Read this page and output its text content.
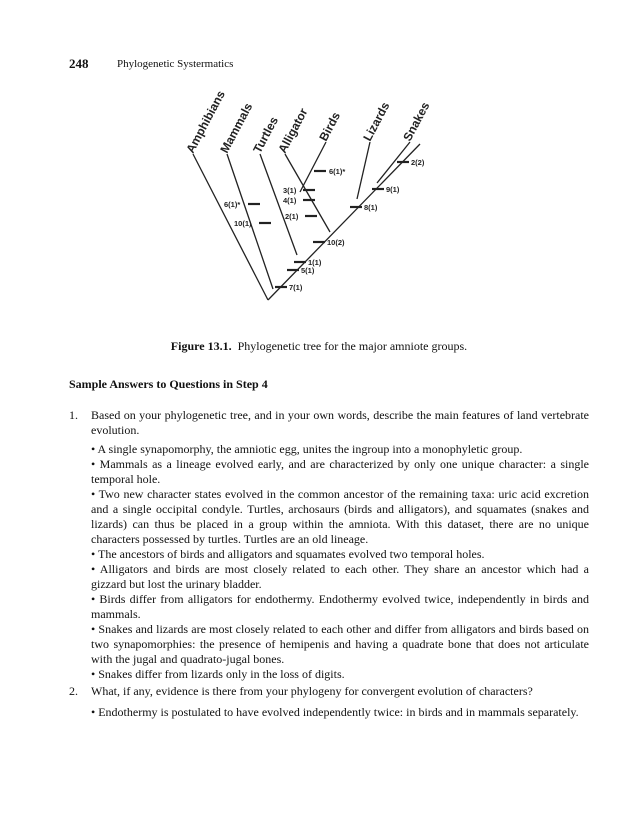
248	Phylogenetic Systermatics
Amphibians
Mammals
Turtles
Alligator Birds Lizards Snakes
6(1)*
10(1)
3(1)
4(1)
2(1)
6(1)*
9(1)
8(1)
2(2)
10(2)
1(1)
5(1)
7(1)
Figure 13.1. Phylogenetic tree for the major amniote groups.
Sample Answers to Questions in Step 4
1. Based on your phylogenetic tree, and in your own words, describe the main features of land vertebrate evolution.

• A single synapomorphy, the amniotic egg, unites the ingroup into a monophyletic group.

• Mammals as a lineage evolved early, and are characterized by only one unique character: a single temporal hole.

• Two new character states evolved in the common ancestor of the remaining taxa: uric acid excretion and a single occipital condyle. Turtles, archosaurs (birds and alligators), and squamates (snakes and lizards) can thus be placed in a group within the amniota. With this dataset, there are no unique characters possessed by turtles. Turtles are an old lineage.

• The ancestors of birds and alligators and squamates evolved two temporal holes.

• Alligators and birds are most closely related to each other. They share an ancestor which had a gizzard but lost the urinary bladder.

• Birds differ from alligators for endothermy. Endothermy evolved twice, independently in birds and mammals.

• Snakes and lizards are most closely related to each other and differ from alligators and birds based on two synapomorphies: the presence of hemipenis and having a quadrate bone that does not articulate with the jugal and quadrato-jugal bones.

• Snakes differ from lizards only in the loss of digits.

2. What, if any, evidence is there from your phylogeny for convergent evolution of characters?

• Endothermy is postulated to have evolved independently twice: in birds and in mammals separately.
